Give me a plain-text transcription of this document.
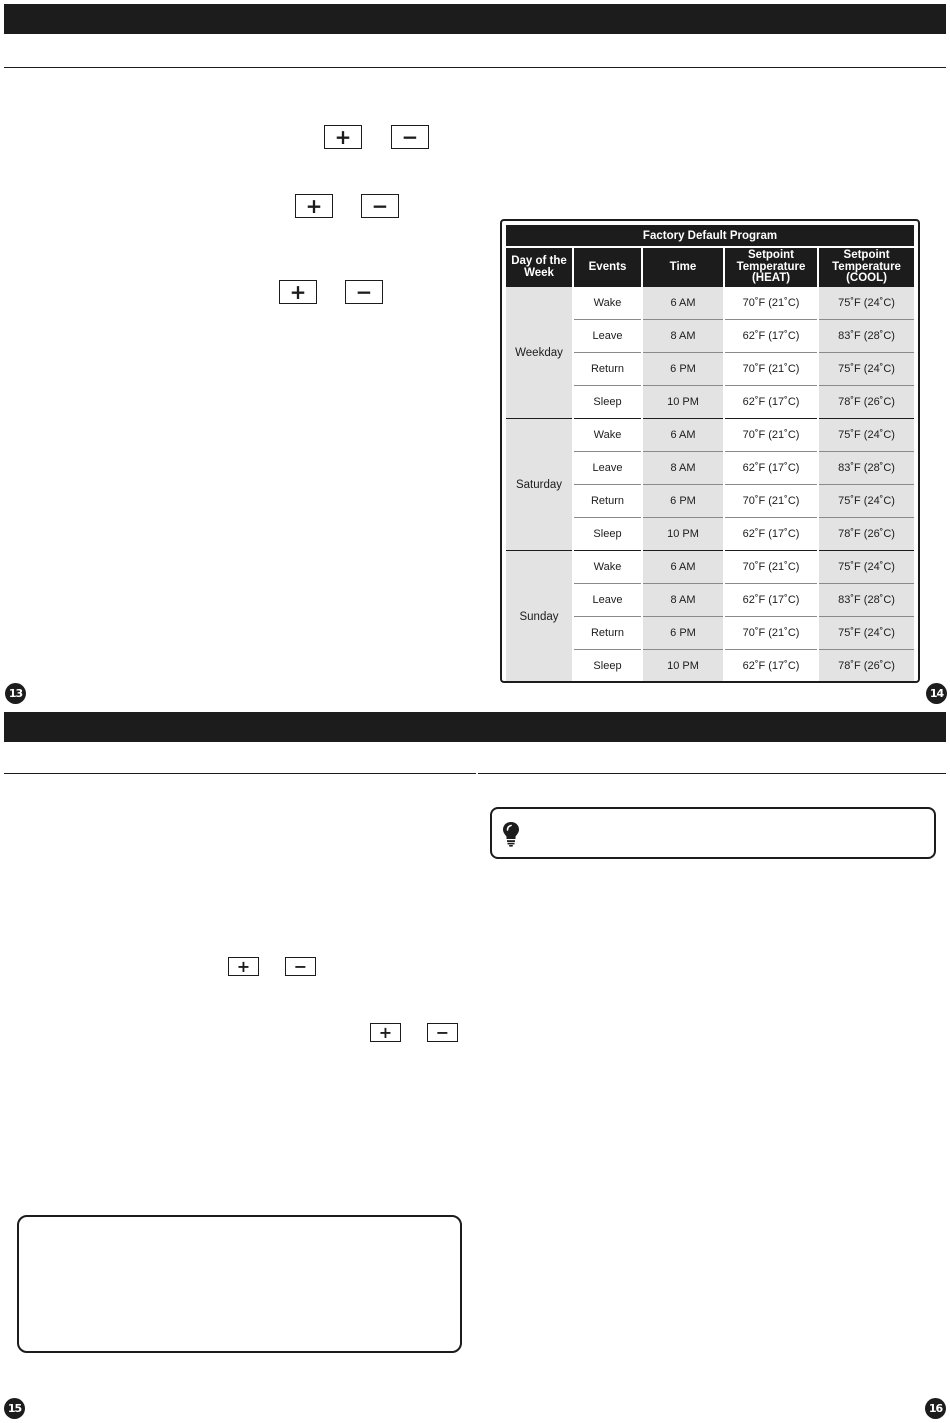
+	−
+	−
+	−
Factory Default Program				
Day of the Week	Events	Time	Setpoint Temperature (HEAT)	Setpoint Temperature (COOL)
Weekday	Wake	6 AM	70˚F (21˚C)	75˚F (24˚C)
	Leave	8 AM	62˚F (17˚C)	83˚F (28˚C)
	Return	6 PM	70˚F (21˚C)	75˚F (24˚C)
	Sleep	10 PM	62˚F (17˚C)	78˚F (26˚C)
Saturday	Wake	6 AM	70˚F (21˚C)	75˚F (24˚C)
	Leave	8 AM	62˚F (17˚C)	83˚F (28˚C)
	Return	6 PM	70˚F (21˚C)	75˚F (24˚C)
	Sleep	10 PM	62˚F (17˚C)	78˚F (26˚C)
Sunday	Wake	6 AM	70˚F (21˚C)	75˚F (24˚C)
	Leave	8 AM	62˚F (17˚C)	83˚F (28˚C)
	Return	6 PM	70˚F (21˚C)	75˚F (24˚C)
	Sleep	10 PM	62˚F (17˚C)	78˚F (26˚C)
13	14
+	−
+	−
15	16
